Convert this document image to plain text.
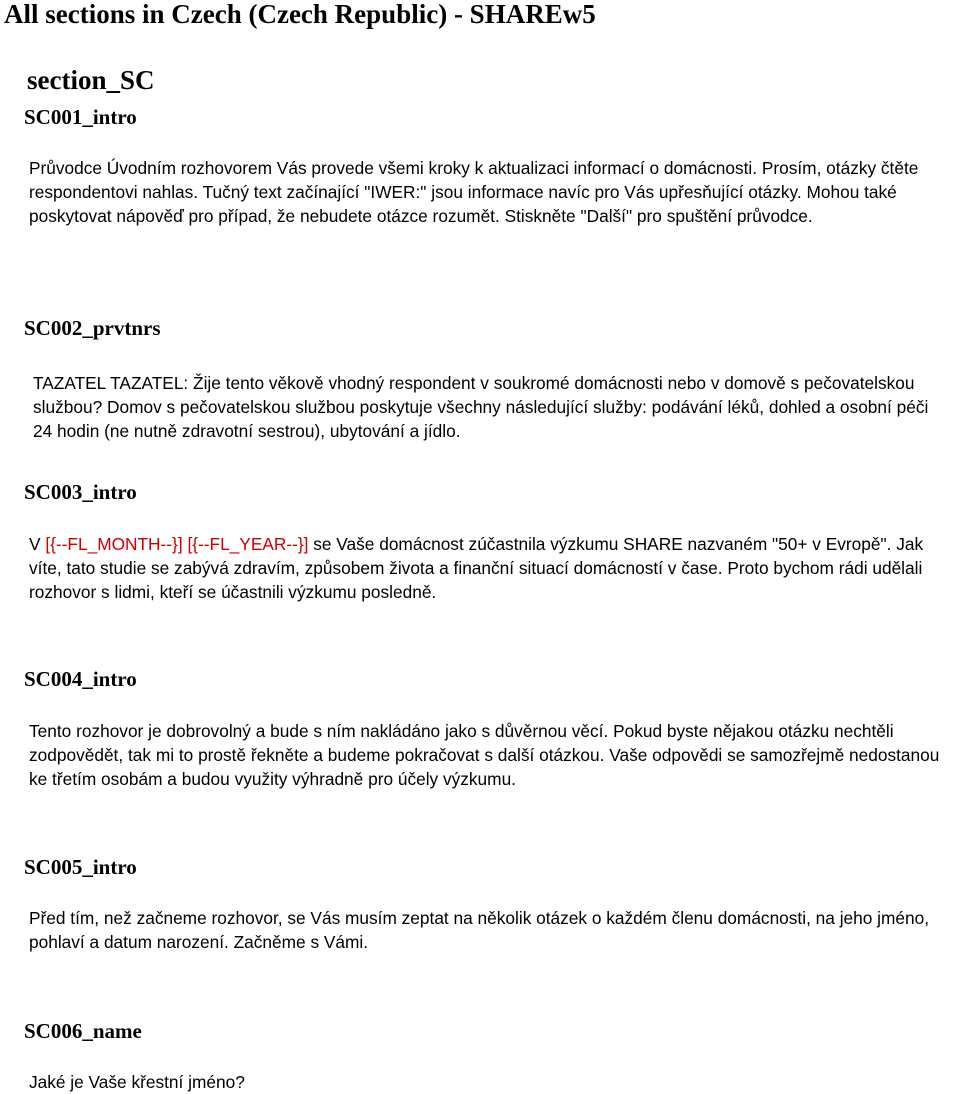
All sections in Czech (Czech Republic) - SHAREw5
section_SC
SC001_intro

Průvodce Úvodním rozhovorem Vás provede všemi kroky k aktualizaci informací o domácnosti. Prosím, otázky čtěte respondentovi nahlas. Tučný text začínající "IWER:" jsou informace navíc pro Vás upřesňující otázky. Mohou také poskytovat nápověď pro případ, že nebudete otázce rozumět. Stiskněte "Další" pro spuštění průvodce.

SC002_prvtnrs

TAZATEL TAZATEL: Žije tento věkově vhodný respondent v soukromé domácnosti nebo v domově s pečovatelskou službou? Domov s pečovatelskou službou poskytuje všechny následující služby: podávání léků, dohled a osobní péči 24 hodin (ne nutně zdravotní sestrou), ubytování a jídlo.

SC003_intro

V [{--FL_MONTH--}] [{--FL_YEAR--}] se Vaše domácnost zúčastnila výzkumu SHARE nazvaném "50+ v Evropě". Jak víte, tato studie se zabývá zdravím, způsobem života a finanční situací domácností v čase. Proto bychom rádi udělali rozhovor s lidmi, kteří se účastnili výzkumu posledně.

SC004_intro

Tento rozhovor je dobrovolný a bude s ním nakládáno jako s důvěrnou věcí. Pokud byste nějakou otázku nechtěli zodpovědět, tak mi to prostě řekněte a budeme pokračovat s další otázkou. Vaše odpovědi se samozřejmě nedostanou ke třetím osobám a budou využity výhradně pro účely výzkumu.

SC005_intro

Před tím, než začneme rozhovor, se Vás musím zeptat na několik otázek o každém členu domácnosti, na jeho jméno, pohlaví a datum narození. Začněme s Vámi.

SC006_name

Jaké je Vaše křestní jméno?
